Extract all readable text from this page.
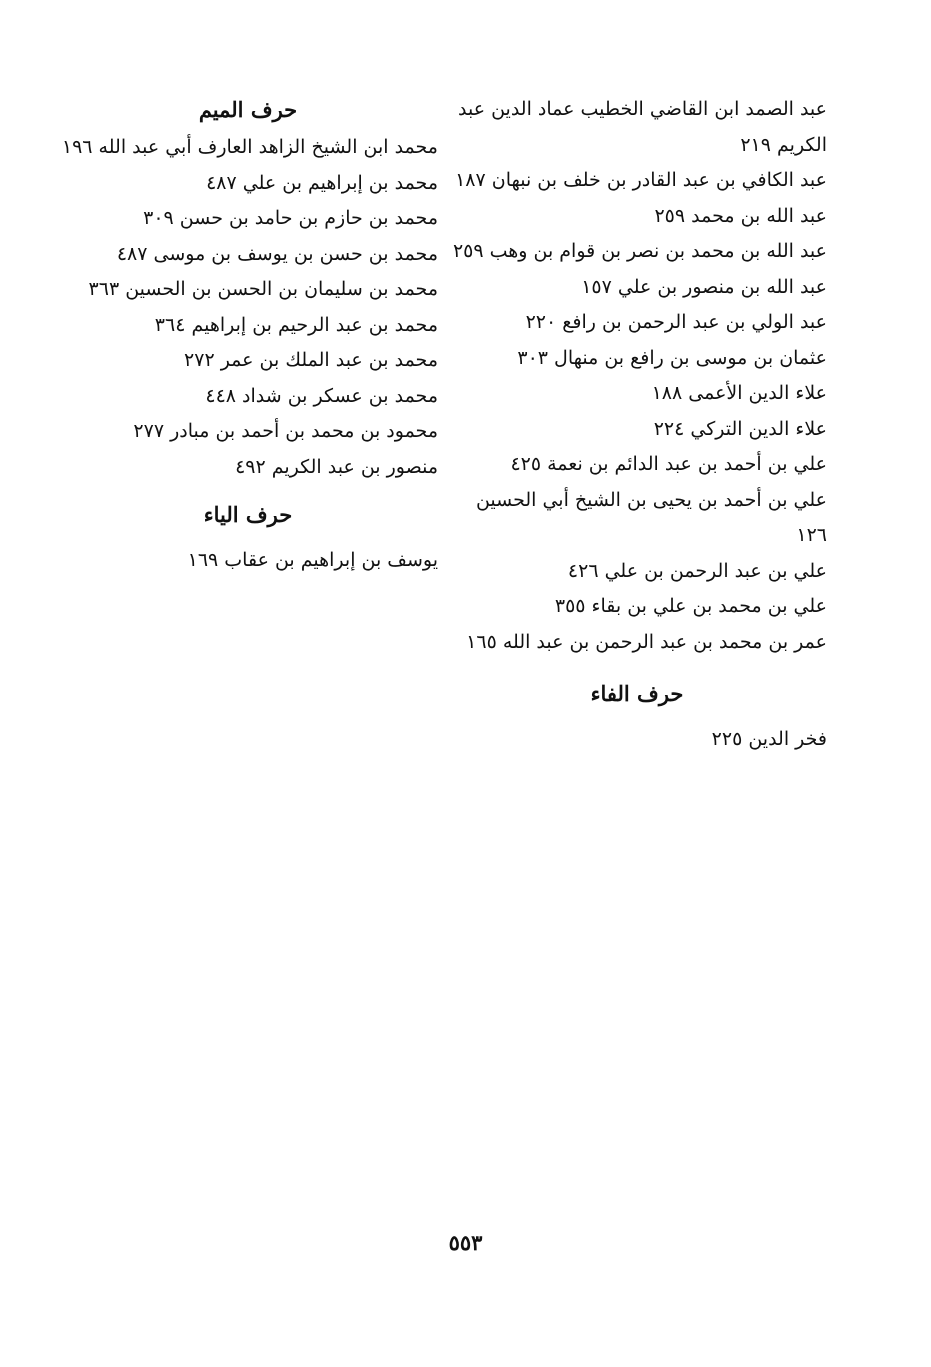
عبد الصمد ابن القاضي الخطيب عماد الدين عبد الكريم ٢١٩

عبد الكافي بن عبد القادر بن خلف بن نبهان ١٨٧

عبد الله بن محمد ٢٥٩

عبد الله بن محمد بن نصر بن قوام بن وهب ٢٥٩

عبد الله بن منصور بن علي ١٥٧

عبد الولي بن عبد الرحمن بن رافع ٢٢٠

عثمان بن موسى بن رافع بن منهال ٣٠٣

علاء الدين الأعمى ١٨٨

علاء الدين التركي ٢٢٤

علي بن أحمد بن عبد الدائم بن نعمة ٤٢٥

علي بن أحمد بن يحيى بن الشيخ أبي الحسين ١٢٦

علي بن عبد الرحمن بن علي ٤٢٦

علي بن محمد بن علي بن بقاء ٣٥٥

عمر بن محمد بن عبد الرحمن بن عبد الله ١٦٥

حرف الفاء

فخر الدين ٢٢٥

حرف الميم

محمد ابن الشيخ الزاهد العارف أبي عبد الله ١٩٦

محمد بن إبراهيم بن علي ٤٨٧

محمد بن حازم بن حامد بن حسن ٣٠٩

محمد بن حسن بن يوسف بن موسى ٤٨٧

محمد بن سليمان بن الحسن بن الحسين ٣٦٣

محمد بن عبد الرحيم بن إبراهيم ٣٦٤

محمد بن عبد الملك بن عمر ٢٧٢

محمد بن عسكر بن شداد ٤٤٨

محمود بن محمد بن أحمد بن مبادر ٢٧٧

منصور بن عبد الكريم ٤٩٢

حرف الياء

يوسف بن إبراهيم بن عقاب ١٦٩

٥٥٣
